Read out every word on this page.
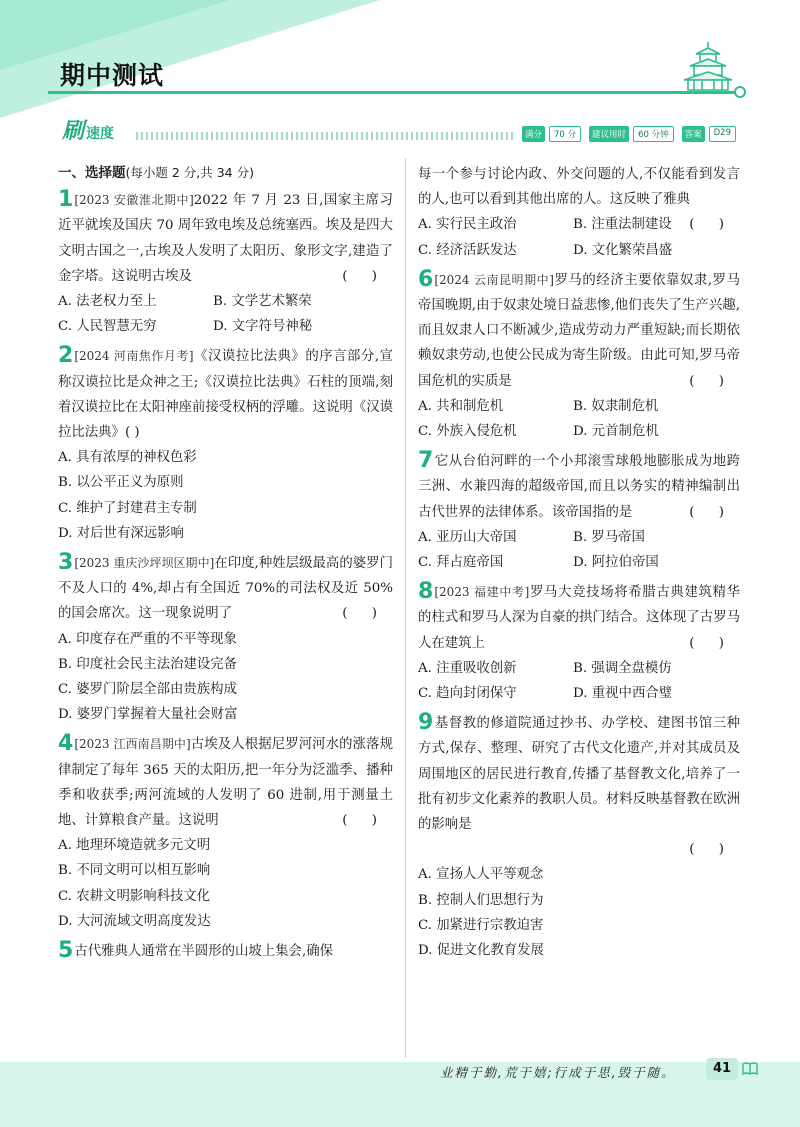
期中测试
刷 速度	满分	70 分	建议用时	60 分钟	答案	D29
一、选择题(每小题 2 分,共 34 分)
1[2023 安徽淮北期中]2022 年 7 月 23 日,国家主席习近平就埃及国庆 70 周年致电埃及总统塞西。埃及是四大文明古国之一,古埃及人发明了太阳历、象形文字,建造了金字塔。这说明古埃及	( )
A. 法老权力至上	B. 文学艺术繁荣
C. 人民智慧无穷	D. 文字符号神秘
2[2024 河南焦作月考]《汉谟拉比法典》的序言部分,宣称汉谟拉比是众神之王;《汉谟拉比法典》石柱的顶端,刻着汉谟拉比在太阳神座前接受权柄的浮雕。这说明《汉谟拉比法典》( )
A. 具有浓厚的神权色彩
B. 以公平正义为原则
C. 维护了封建君主专制
D. 对后世有深远影响
3[2023 重庆沙坪坝区期中]在印度,种姓层级最高的婆罗门不及人口的 4%,却占有全国近 70%的司法权及近 50%的国会席次。这一现象说明了	( )
A. 印度存在严重的不平等现象
B. 印度社会民主法治建设完备
C. 婆罗门阶层全部由贵族构成
D. 婆罗门掌握着大量社会财富
4[2023 江西南昌期中]古埃及人根据尼罗河河水的涨落规律制定了每年 365 天的太阳历,把一年分为泛滥季、播种季和收获季;两河流域的人发明了 60 进制,用于测量土地、计算粮食产量。这说明	( )
A. 地理环境造就多元文明
B. 不同文明可以相互影响
C. 农耕文明影响科技文化
D. 大河流域文明高度发达
5古代雅典人通常在半圆形的山坡上集会,确保
每一个参与讨论内政、外交问题的人,不仅能看到发言的人,也可以看到其他出席的人。这反映了雅典
( )
A. 实行民主政治	B. 注重法制建设
C. 经济活跃发达	D. 文化繁荣昌盛
6[2024 云南昆明期中]罗马的经济主要依靠奴隶,罗马帝国晚期,由于奴隶处境日益悲惨,他们丧失了生产兴趣,而且奴隶人口不断减少,造成劳动力严重短缺;而长期依赖奴隶劳动,也使公民成为寄生阶级。由此可知,罗马帝国危机的实质是	( )
A. 共和制危机	B. 奴隶制危机
C. 外族入侵危机	D. 元首制危机
7它从台伯河畔的一个小邦滚雪球般地膨胀成为地跨三洲、水兼四海的超级帝国,而且以务实的精神编制出古代世界的法律体系。该帝国指的是	( )
A. 亚历山大帝国	B. 罗马帝国
C. 拜占庭帝国	D. 阿拉伯帝国
8[2023 福建中考]罗马大竞技场将希腊古典建筑精华的柱式和罗马人深为自豪的拱门结合。这体现了古罗马人在建筑上	( )
A. 注重吸收创新	B. 强调全盘模仿
C. 趋向封闭保守	D. 重视中西合璧
9基督教的修道院通过抄书、办学校、建图书馆三种方式,保存、整理、研究了古代文化遗产,并对其成员及周围地区的居民进行教育,传播了基督教文化,培养了一批有初步文化素养的教职人员。材料反映基督教在欧洲的影响是
( )
A. 宣扬人人平等观念
B. 控制人们思想行为
C. 加紧进行宗教迫害
D. 促进文化教育发展
业精于勤,荒于嬉;行成于思,毁于随。	41
